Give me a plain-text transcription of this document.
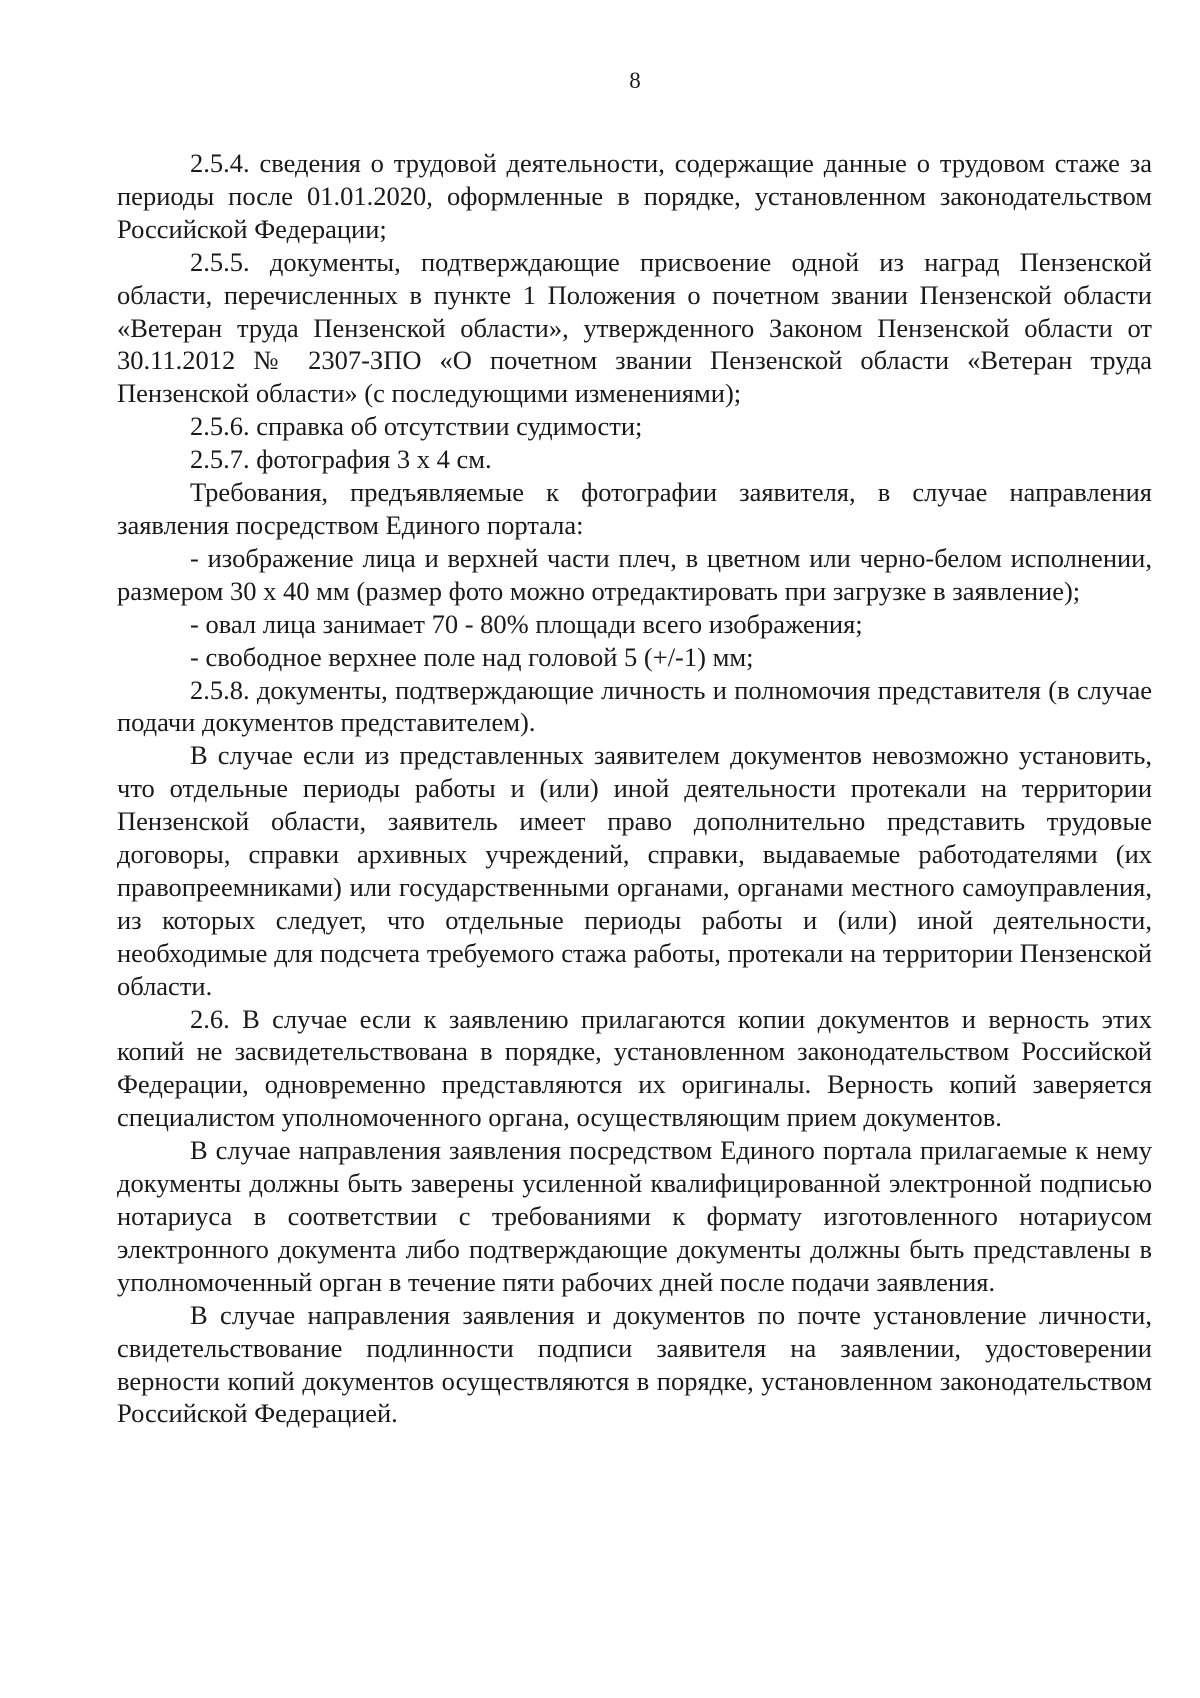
8

2.5.4. сведения о трудовой деятельности, содержащие данные о трудовом стаже за периоды после 01.01.2020, оформленные в порядке, установленном законодательством Российской Федерации;

2.5.5. документы, подтверждающие присвоение одной из наград Пензенской области, перечисленных в пункте 1 Положения о почетном звании Пензенской области «Ветеран труда Пензенской области», утвержденного Законом Пензенской области от 30.11.2012 № 2307-ЗПО «О почетном звании Пензенской области «Ветеран труда Пензенской области» (с последующими изменениями);

2.5.6. справка об отсутствии судимости;

2.5.7. фотография 3 х 4 см.

Требования, предъявляемые к фотографии заявителя, в случае направления заявления посредством Единого портала:

- изображение лица и верхней части плеч, в цветном или черно-белом исполнении, размером 30 х 40 мм (размер фото можно отредактировать при загрузке в заявление);

- овал лица занимает 70 - 80% площади всего изображения;

- свободное верхнее поле над головой 5 (+/-1) мм;

2.5.8. документы, подтверждающие личность и полномочия представителя (в случае подачи документов представителем).

В случае если из представленных заявителем документов невозможно установить, что отдельные периоды работы и (или) иной деятельности протекали на территории Пензенской области, заявитель имеет право дополнительно представить трудовые договоры, справки архивных учреждений, справки, выдаваемые работодателями (их правопреемниками) или государственными органами, органами местного самоуправления, из которых следует, что отдельные периоды работы и (или) иной деятельности, необходимые для подсчета требуемого стажа работы, протекали на территории Пензенской области.

2.6. В случае если к заявлению прилагаются копии документов и верность этих копий не засвидетельствована в порядке, установленном законодательством Российской Федерации, одновременно представляются их оригиналы. Верность копий заверяется специалистом уполномоченного органа, осуществляющим прием документов.

В случае направления заявления посредством Единого портала прилагаемые к нему документы должны быть заверены усиленной квалифицированной электронной подписью нотариуса в соответствии с требованиями к формату изготовленного нотариусом электронного документа либо подтверждающие документы должны быть представлены в уполномоченный орган в течение пяти рабочих дней после подачи заявления.

В случае направления заявления и документов по почте установление личности, свидетельствование подлинности подписи заявителя на заявлении, удостоверении верности копий документов осуществляются в порядке, установленном законодательством Российской Федерацией.
